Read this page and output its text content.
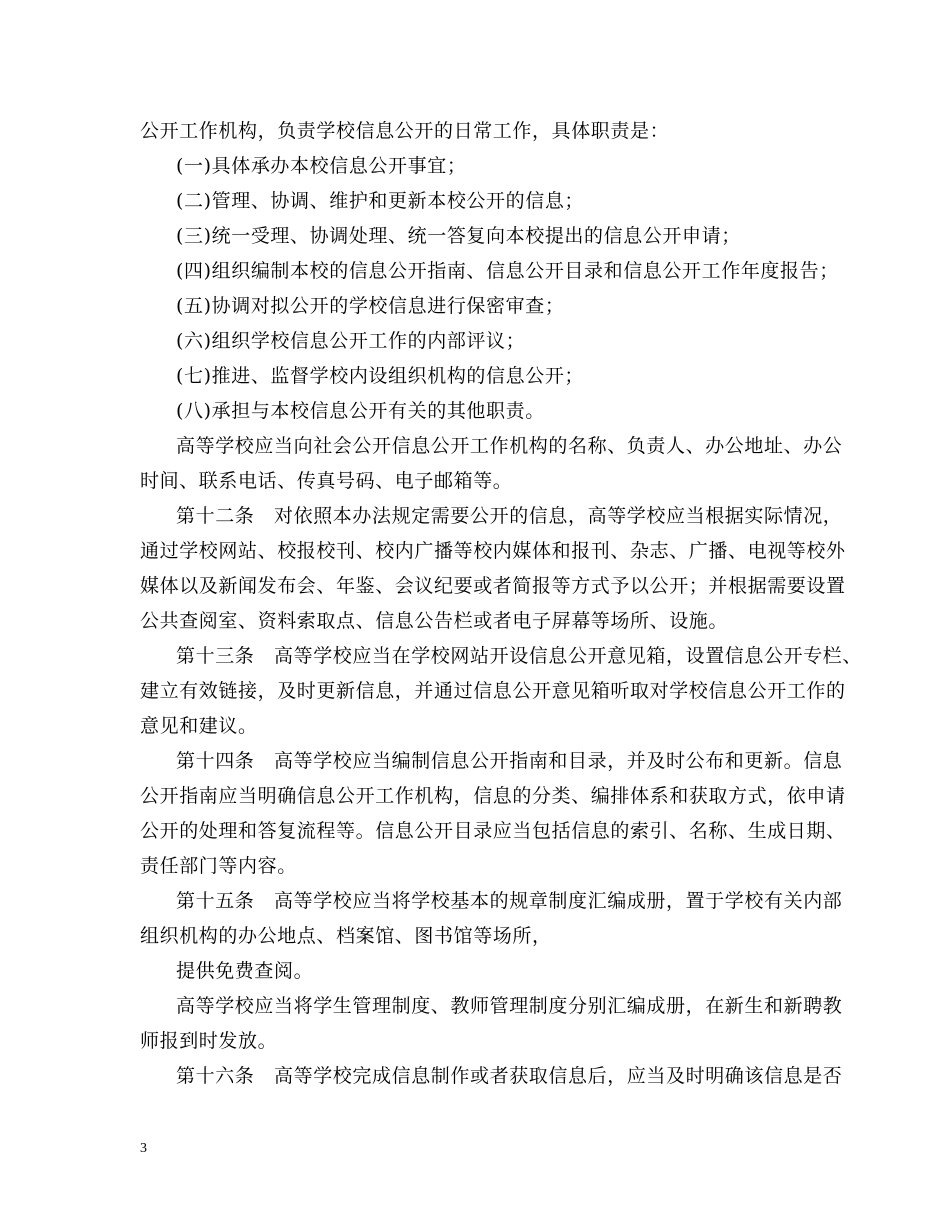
公开工作机构，负责学校信息公开的日常工作，具体职责是：
(一)具体承办本校信息公开事宜；
(二)管理、协调、维护和更新本校公开的信息；
(三)统一受理、协调处理、统一答复向本校提出的信息公开申请；
(四)组织编制本校的信息公开指南、信息公开目录和信息公开工作年度报告；
(五)协调对拟公开的学校信息进行保密审查；
(六)组织学校信息公开工作的内部评议；
(七)推进、监督学校内设组织机构的信息公开；
(八)承担与本校信息公开有关的其他职责。
高等学校应当向社会公开信息公开工作机构的名称、负责人、办公地址、办公
时间、联系电话、传真号码、电子邮箱等。
第十二条　对依照本办法规定需要公开的信息，高等学校应当根据实际情况，
通过学校网站、校报校刊、校内广播等校内媒体和报刊、杂志、广播、电视等校外
媒体以及新闻发布会、年鉴、会议纪要或者简报等方式予以公开；并根据需要设置
公共查阅室、资料索取点、信息公告栏或者电子屏幕等场所、设施。
第十三条　高等学校应当在学校网站开设信息公开意见箱，设置信息公开专栏、
建立有效链接，及时更新信息，并通过信息公开意见箱听取对学校信息公开工作的
意见和建议。
第十四条　高等学校应当编制信息公开指南和目录，并及时公布和更新。信息
公开指南应当明确信息公开工作机构，信息的分类、编排体系和获取方式，依申请
公开的处理和答复流程等。信息公开目录应当包括信息的索引、名称、生成日期、
责任部门等内容。
第十五条　高等学校应当将学校基本的规章制度汇编成册，置于学校有关内部
组织机构的办公地点、档案馆、图书馆等场所，
提供免费查阅。
高等学校应当将学生管理制度、教师管理制度分别汇编成册，在新生和新聘教
师报到时发放。
第十六条　高等学校完成信息制作或者获取信息后，应当及时明确该信息是否
3
